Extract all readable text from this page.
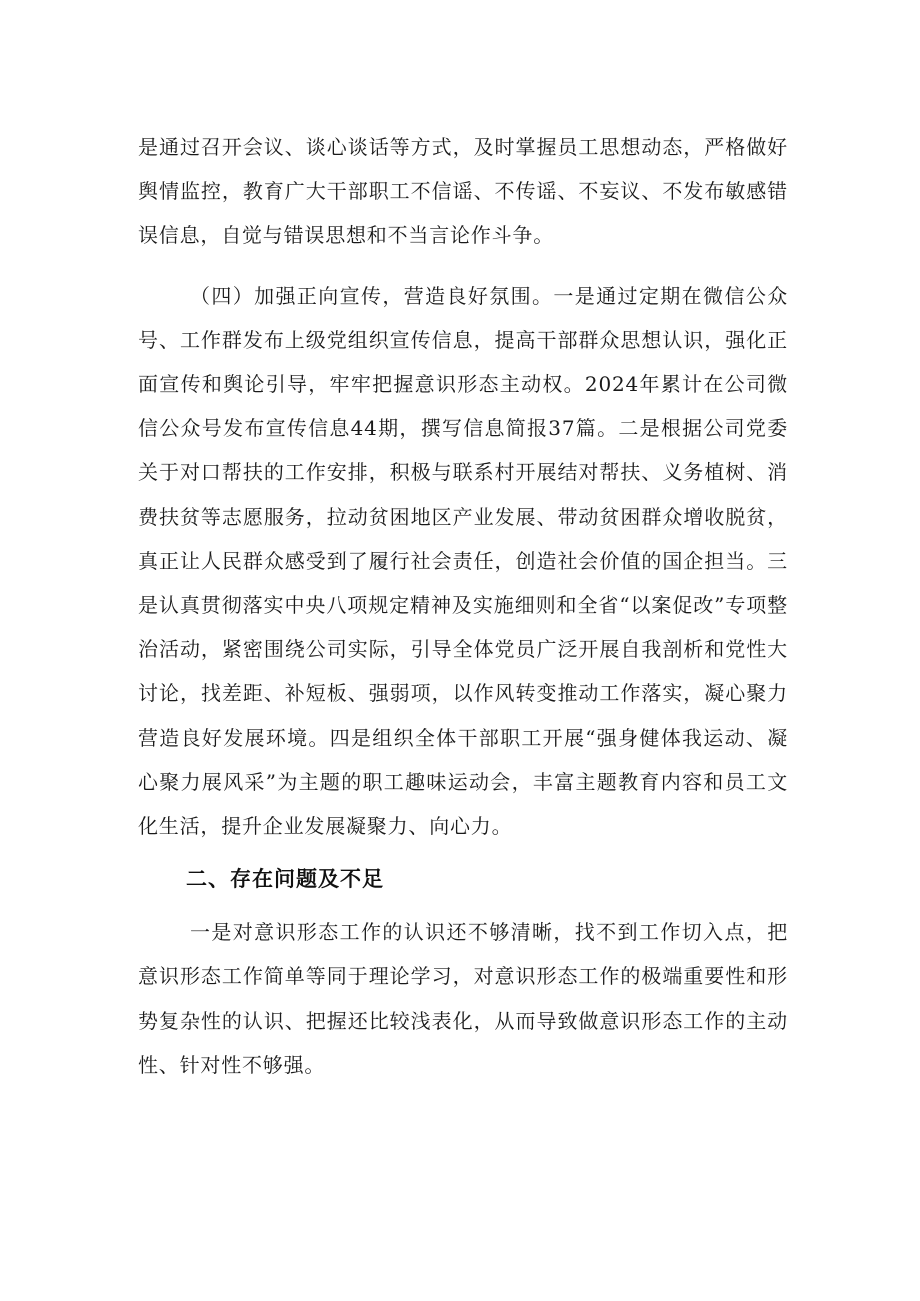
是通过召开会议、谈心谈话等方式，及时掌握员工思想动态，严格做好舆情监控，教育广大干部职工不信谣、不传谣、不妄议、不发布敏感错误信息，自觉与错误思想和不当言论作斗争。

（四）加强正向宣传，营造良好氛围。一是通过定期在微信公众号、工作群发布上级党组织宣传信息，提高干部群众思想认识，强化正面宣传和舆论引导，牢牢把握意识形态主动权。2024年累计在公司微信公众号发布宣传信息44期，撰写信息简报37篇。二是根据公司党委关于对口帮扶的工作安排，积极与联系村开展结对帮扶、义务植树、消费扶贫等志愿服务，拉动贫困地区产业发展、带动贫困群众增收脱贫，真正让人民群众感受到了履行社会责任，创造社会价值的国企担当。三是认真贯彻落实中央八项规定精神及实施细则和全省“以案促改”专项整治活动，紧密围绕公司实际，引导全体党员广泛开展自我剖析和党性大讨论，找差距、补短板、强弱项，以作风转变推动工作落实，凝心聚力营造良好发展环境。四是组织全体干部职工开展“强身健体我运动、凝心聚力展风采”为主题的职工趣味运动会，丰富主题教育内容和员工文化生活，提升企业发展凝聚力、向心力。

二、存在问题及不足

一是对意识形态工作的认识还不够清晰，找不到工作切入点，把意识形态工作简单等同于理论学习，对意识形态工作的极端重要性和形势复杂性的认识、把握还比较浅表化，从而导致做意识形态工作的主动性、针对性不够强。
